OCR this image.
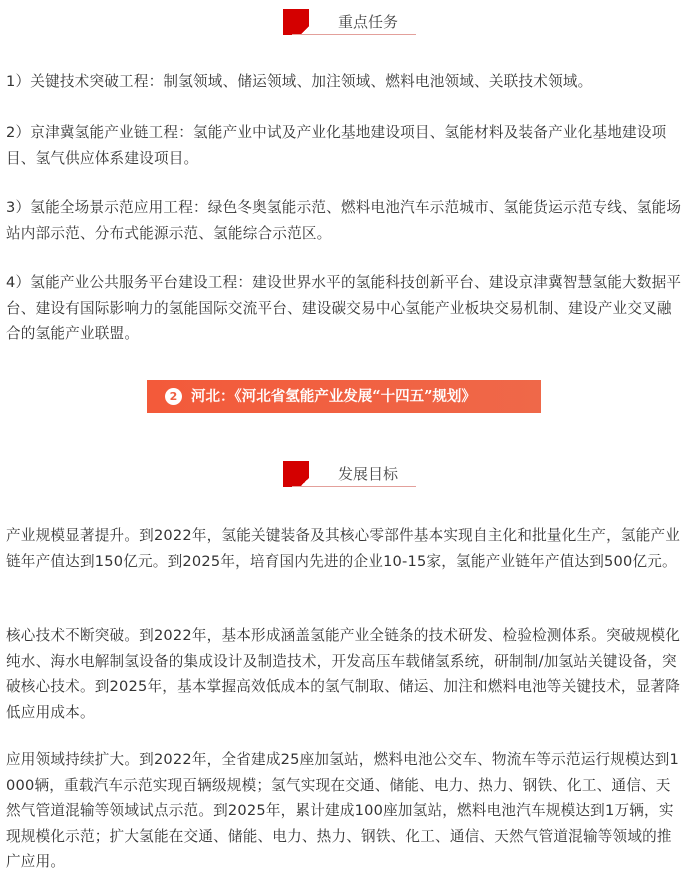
重点任务

1）关键技术突破工程：制氢领域、储运领域、加注领域、燃料电池领域、关联技术领域。

2）京津冀氢能产业链工程：氢能产业中试及产业化基地建设项目、氢能材料及装备产业化基地建设项目、氢气供应体系建设项目。

3）氢能全场景示范应用工程：绿色冬奥氢能示范、燃料电池汽车示范城市、氢能货运示范专线、氢能场站内部示范、分布式能源示范、氢能综合示范区。

4）氢能产业公共服务平台建设工程：建设世界水平的氢能科技创新平台、建设京津冀智慧氢能大数据平台、建设有国际影响力的氢能国际交流平台、建设碳交易中心氢能产业板块交易机制、建设产业交叉融合的氢能产业联盟。

2 河北：《河北省氢能产业发展“十四五”规划》
发展目标

产业规模显著提升。到2022年，氢能关键装备及其核心零部件基本实现自主化和批量化生产，氢能产业链年产值达到150亿元。到2025年，培育国内先进的企业10-15家，氢能产业链年产值达到500亿元。

核心技术不断突破。到2022年，基本形成涵盖氢能产业全链条的技术研发、检验检测体系。突破规模化纯水、海水电解制氢设备的集成设计及制造技术，开发高压车载储氢系统，研制制/加氢站关键设备，突破核心技术。到2025年，基本掌握高效低成本的氢气制取、储运、加注和燃料电池等关键技术，显著降低应用成本。

应用领域持续扩大。到2022年，全省建成25座加氢站，燃料电池公交车、物流车等示范运行规模达到1000辆，重载汽车示范实现百辆级规模；氢气实现在交通、储能、电力、热力、钢铁、化工、通信、天然气管道混输等领域试点示范。到2025年，累计建成100座加氢站，燃料电池汽车规模达到1万辆，实现规模化示范；扩大氢能在交通、储能、电力、热力、钢铁、化工、通信、天然气管道混输等领域的推广应用。
